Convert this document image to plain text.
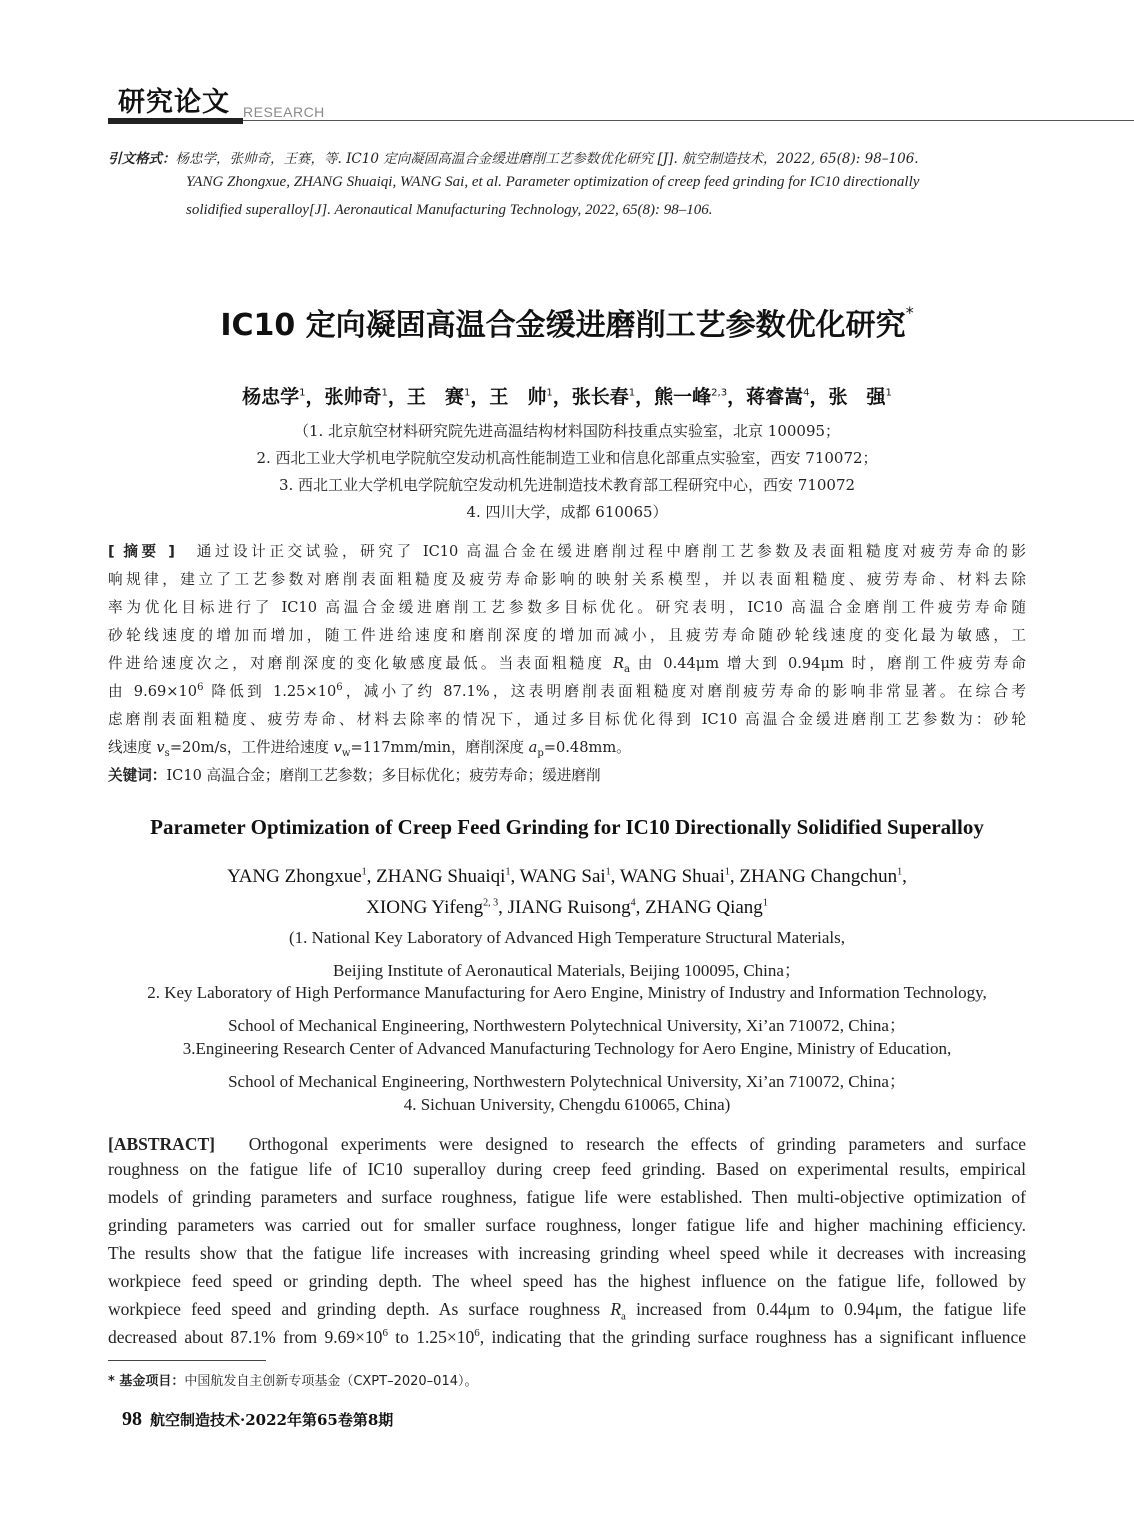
研究论文 RESEARCH
引文格式：杨忠学，张帅奇，王赛，等. IC10 定向凝固高温合金缓进磨削工艺参数优化研究 [J]. 航空制造技术，2022, 65(8): 98–106.
YANG Zhongxue, ZHANG Shuaiqi, WANG Sai, et al. Parameter optimization of creep feed grinding for IC10 directionally
solidified superalloy[J]. Aeronautical Manufacturing Technology, 2022, 65(8): 98–106.
IC10 定向凝固高温合金缓进磨削工艺参数优化研究*
杨忠学$^1$，张帅奇$^1$，王　赛$^1$，王　帅$^1$，张长春$^1$，熊一峰$^{2,3}$，蒋睿嵩$^4$，张　强$^1$
（1. 北京航空材料研究院先进高温结构材料国防科技重点实验室，北京 100095；
2. 西北工业大学机电学院航空发动机高性能制造工业和信息化部重点实验室，西安 710072；
3. 西北工业大学机电学院航空发动机先进制造技术教育部工程研究中心，西安 710072
4. 四川大学，成都 610065）
[ 摘要 ]　 通过设计正交试验，研究了 IC10 高温合金在缓进磨削过程中磨削工艺参数及表面粗糙度对疲劳寿命的影
响规律，建立了工艺参数对磨削表面粗糙度及疲劳寿命影响的映射关系模型，并以表面粗糙度、疲劳寿命、材料去除
率为优化目标进行了 IC10 高温合金缓进磨削工艺参数多目标优化。研究表明，IC10 高温合金磨削工件疲劳寿命随
砂轮线速度的增加而增加，随工件进给速度和磨削深度的增加而减小，且疲劳寿命随砂轮线速度的变化最为敏感，工
件进给速度次之，对磨削深度的变化敏感度最低。当表面粗糙度 $R_a$ 由 0.44μm 增大到 0.94μm 时，磨削工件疲劳寿命
由 $9.69\times 10^6$ 降低到 $1.25\times 10^6$，减小了约 87.1%，这表明磨削表面粗糙度对磨削疲劳寿命的影响非常显著。在综合考
虑磨削表面粗糙度、疲劳寿命、材料去除率的情况下，通过多目标优化得到 IC10 高温合金缓进磨削工艺参数为：砂轮
线速度 $v_s=20m/s$，工件进给速度 $v_w=117mm/\min$，磨削深度 $a_p=0.48mm$。
关键词：IC10 高温合金；磨削工艺参数；多目标优化；疲劳寿命；缓进磨削
Parameter Optimization of Creep Feed Grinding for IC10 Directionally Solidified Superalloy
YANG Zhongxue$^1$, ZHANG Shuaiqi$^1$, WANG Sai$^1$, WANG Shuai$^1$, ZHANG Changchun$^1$,
XIONG Yifeng$^{2, 3}$, JIANG Ruisong$^4$, ZHANG Qiang$^1$
(1. National Key Laboratory of Advanced High Temperature Structural Materials,
Beijing Institute of Aeronautical Materials, Beijing 100095, China；
2. Key Laboratory of High Performance Manufacturing for Aero Engine, Ministry of Industry and Information Technology,
School of Mechanical Engineering, Northwestern Polytechnical University, Xi’an 710072, China；
3.Engineering Research Center of Advanced Manufacturing Technology for Aero Engine, Ministry of Education,
School of Mechanical Engineering, Northwestern Polytechnical University, Xi’an 710072, China；
4. Sichuan University, Chengdu 610065, China)
[ABSTRACT]　 Orthogonal experiments were designed to research the effects of grinding parameters and surface
roughness on the fatigue life of IC10 superalloy during creep feed grinding. Based on experimental results, empirical
models of grinding parameters and surface roughness, fatigue life were established. Then multi-objective optimization of
grinding parameters was carried out for smaller surface roughness, longer fatigue life and higher machining efficiency.
The results show that the fatigue life increases with increasing grinding wheel speed while it decreases with increasing
workpiece feed speed or grinding depth. The wheel speed has the highest influence on the fatigue life, followed by
workpiece feed speed and grinding depth. As surface roughness $R_a$ increased from 0.44μm to 0.94μm, the fatigue life
decreased about 87.1% from $9.69\times 10^6$ to $1.25\times 10^6$, indicating that the grinding surface roughness has a significant influence
* 基金项目：中国航发自主创新专项基金（CXPT–2020–014）。
98 航空制造技术·2022年第65卷第8期
